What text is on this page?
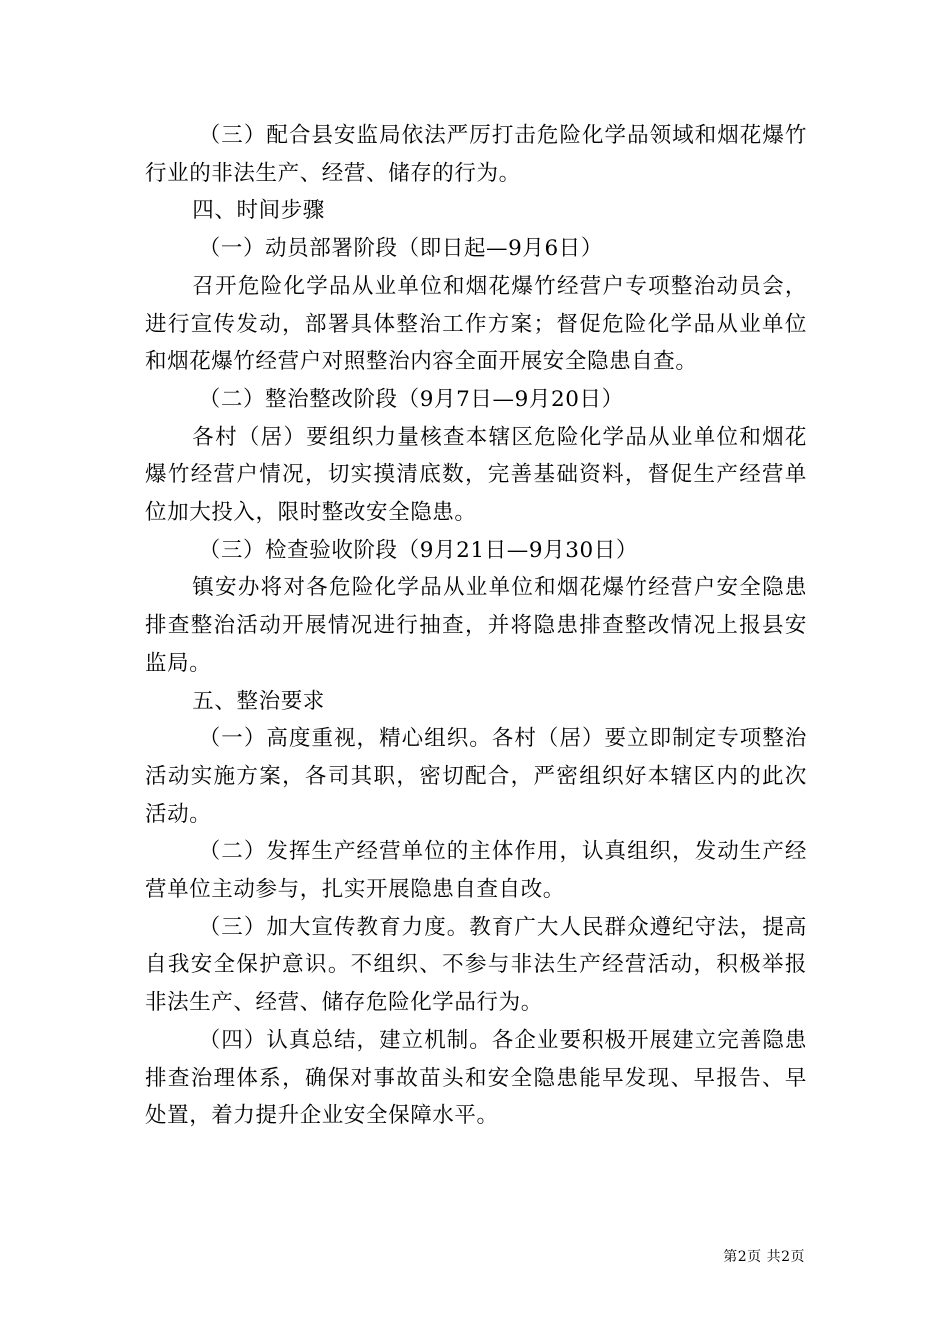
（三）配合县安监局依法严厉打击危险化学品领域和烟花爆竹行业的非法生产、经营、储存的行为。

四、时间步骤

（一）动员部署阶段（即日起—9月6日）

召开危险化学品从业单位和烟花爆竹经营户专项整治动员会，进行宣传发动，部署具体整治工作方案；督促危险化学品从业单位和烟花爆竹经营户对照整治内容全面开展安全隐患自查。

（二）整治整改阶段（9月7日—9月20日）

各村（居）要组织力量核查本辖区危险化学品从业单位和烟花爆竹经营户情况，切实摸清底数，完善基础资料，督促生产经营单位加大投入，限时整改安全隐患。

（三）检查验收阶段（9月21日—9月30日）

镇安办将对各危险化学品从业单位和烟花爆竹经营户安全隐患排查整治活动开展情况进行抽查，并将隐患排查整改情况上报县安监局。

五、整治要求

（一）高度重视，精心组织。各村（居）要立即制定专项整治活动实施方案，各司其职，密切配合，严密组织好本辖区内的此次活动。

（二）发挥生产经营单位的主体作用，认真组织，发动生产经营单位主动参与，扎实开展隐患自查自改。

（三）加大宣传教育力度。教育广大人民群众遵纪守法，提高自我安全保护意识。不组织、不参与非法生产经营活动，积极举报非法生产、经营、储存危险化学品行为。

（四）认真总结，建立机制。各企业要积极开展建立完善隐患排查治理体系，确保对事故苗头和安全隐患能早发现、早报告、早处置，着力提升企业安全保障水平。

第2页 共2页
